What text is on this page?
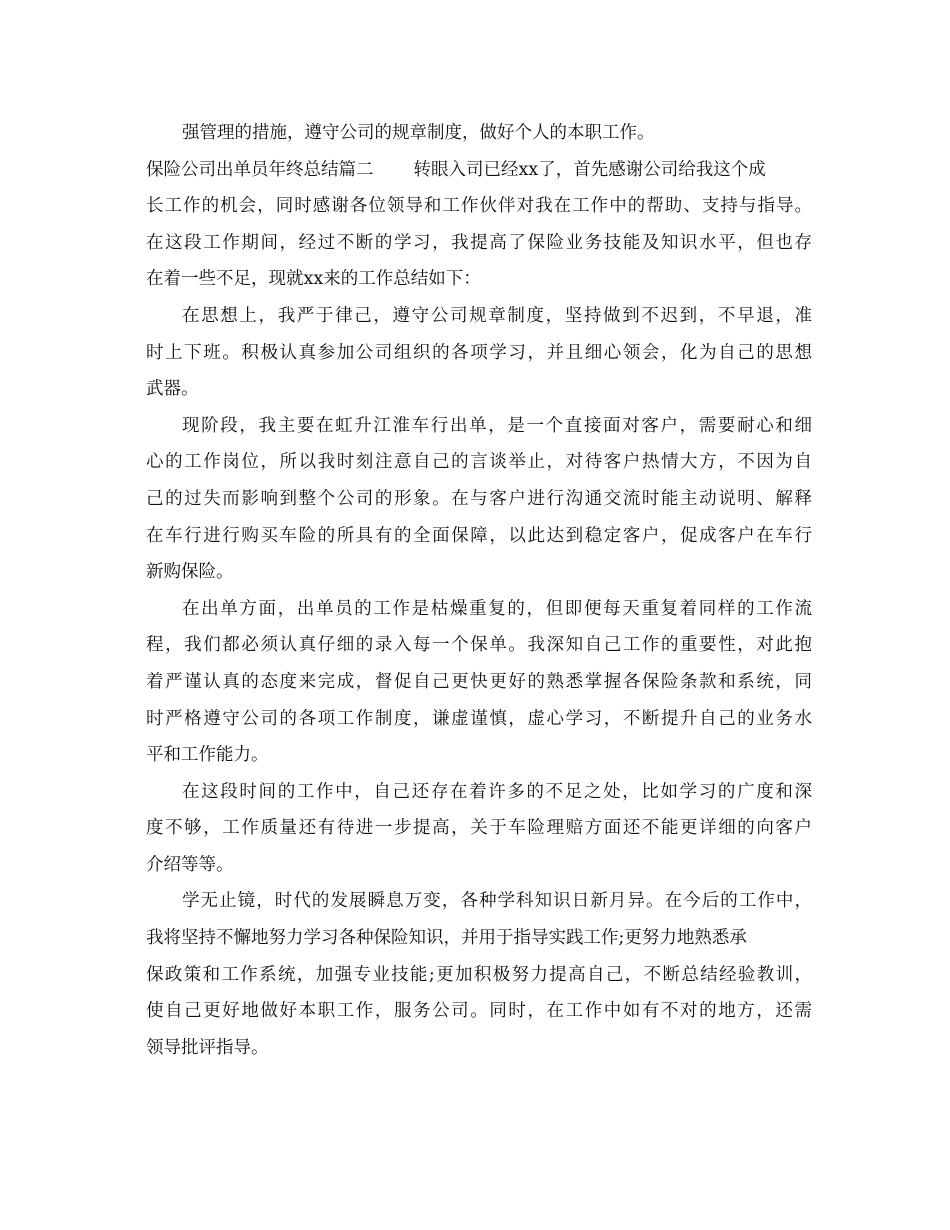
强管理的措施，遵守公司的规章制度，做好个人的本职工作。
保险公司出单员年终总结篇二 转眼入司已经xx了，首先感谢公司给我这个成
长工作的机会，同时感谢各位领导和工作伙伴对我在工作中的帮助、支持与指导。
在这段工作期间，经过不断的学习，我提高了保险业务技能及知识水平，但也存
在着一些不足，现就xx来的工作总结如下：
在思想上，我严于律己，遵守公司规章制度，坚持做到不迟到，不早退，准
时上下班。积极认真参加公司组织的各项学习，并且细心领会，化为自己的思想
武器。
现阶段，我主要在虹升江淮车行出单，是一个直接面对客户，需要耐心和细
心的工作岗位，所以我时刻注意自己的言谈举止，对待客户热情大方，不因为自
己的过失而影响到整个公司的形象。在与客户进行沟通交流时能主动说明、解释
在车行进行购买车险的所具有的全面保障，以此达到稳定客户，促成客户在车行
新购保险。
在出单方面，出单员的工作是枯燥重复的，但即便每天重复着同样的工作流
程，我们都必须认真仔细的录入每一个保单。我深知自己工作的重要性，对此抱
着严谨认真的态度来完成，督促自己更快更好的熟悉掌握各保险条款和系统，同
时严格遵守公司的各项工作制度，谦虚谨慎，虚心学习，不断提升自己的业务水
平和工作能力。
在这段时间的工作中，自己还存在着许多的不足之处，比如学习的广度和深
度不够，工作质量还有待进一步提高，关于车险理赔方面还不能更详细的向客户
介绍等等。
学无止镜，时代的发展瞬息万变，各种学科知识日新月异。在今后的工作中，
我将坚持不懈地努力学习各种保险知识，并用于指导实践工作;更努力地熟悉承
保政策和工作系统，加强专业技能;更加积极努力提高自己，不断总结经验教训，
使自己更好地做好本职工作，服务公司。同时，在工作中如有不对的地方，还需
领导批评指导。
